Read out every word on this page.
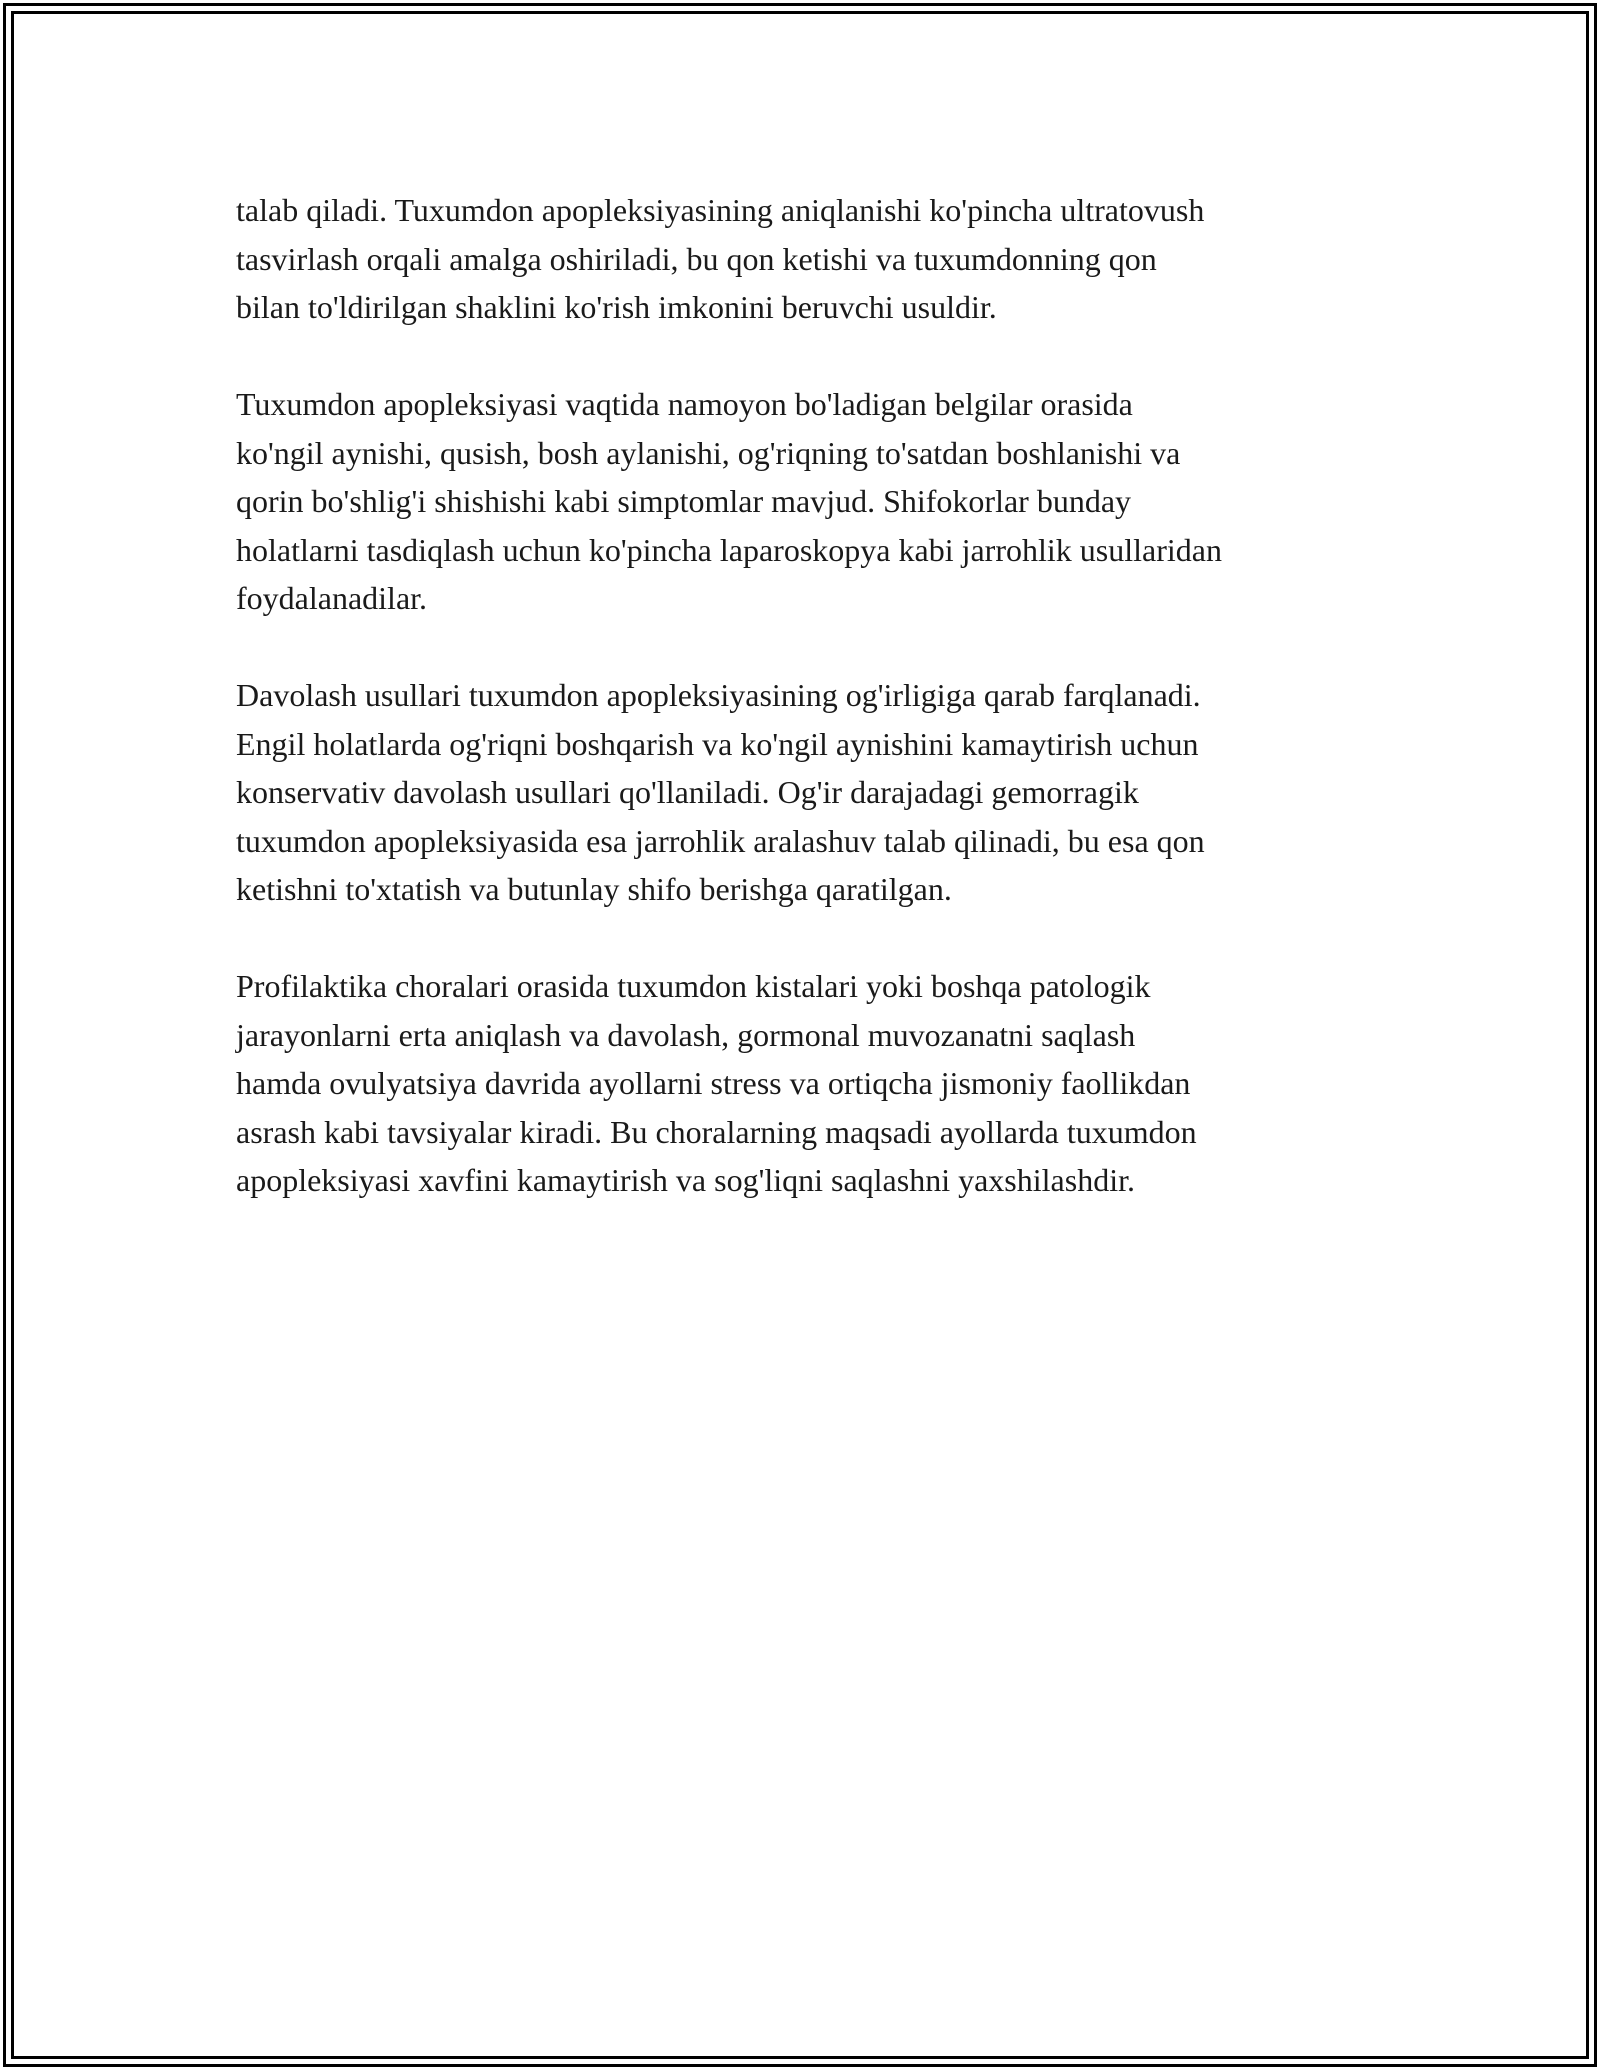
talab qiladi. Tuxumdon apopleksiyasining aniqlanishi ko'pincha ultratovush
tasvirlash orqali amalga oshiriladi, bu qon ketishi va tuxumdonning qon
bilan to'ldirilgan shaklini ko'rish imkonini beruvchi usuldir.

Tuxumdon apopleksiyasi vaqtida namoyon bo'ladigan belgilar orasida
ko'ngil aynishi, qusish, bosh aylanishi, og'riqning to'satdan boshlanishi va
qorin bo'shlig'i shishishi kabi simptomlar mavjud. Shifokorlar bunday
holatlarni tasdiqlash uchun ko'pincha laparoskopya kabi jarrohlik usullaridan
foydalanadilar.

Davolash usullari tuxumdon apopleksiyasining og'irligiga qarab farqlanadi.
Engil holatlarda og'riqni boshqarish va ko'ngil aynishini kamaytirish uchun
konservativ davolash usullari qo'llaniladi. Og'ir darajadagi gemorragik
tuxumdon apopleksiyasida esa jarrohlik aralashuv talab qilinadi, bu esa qon
ketishni to'xtatish va butunlay shifo berishga qaratilgan.

Profilaktika choralari orasida tuxumdon kistalari yoki boshqa patologik
jarayonlarni erta aniqlash va davolash, gormonal muvozanatni saqlash
hamda ovulyatsiya davrida ayollarni stress va ortiqcha jismoniy faollikdan
asrash kabi tavsiyalar kiradi. Bu choralarning maqsadi ayollarda tuxumdon
apopleksiyasi xavfini kamaytirish va sog'liqni saqlashni yaxshilashdir.
